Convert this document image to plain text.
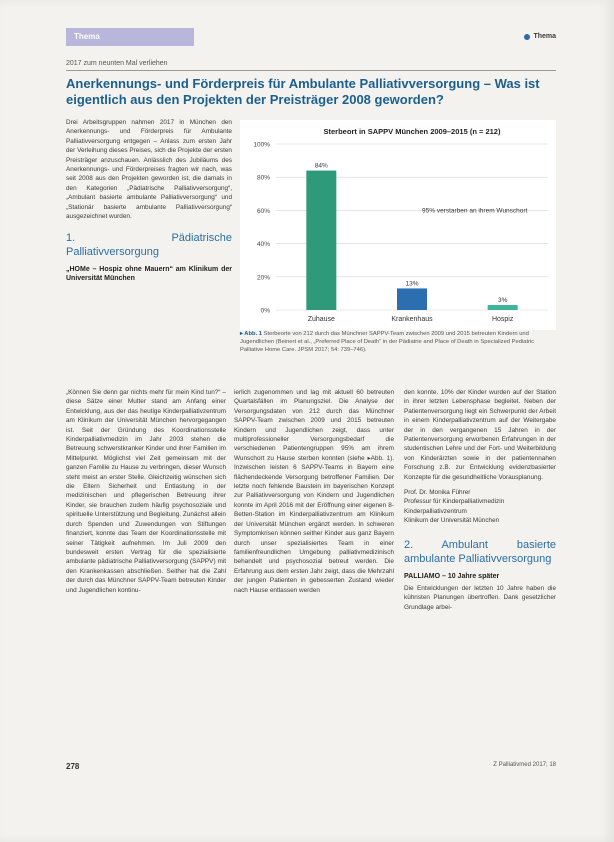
Thema	Thema
2017 zum neunten Mal verliehen
Anerkennungs- und Förderpreis für Ambulante Palliativversorgung – Was ist eigentlich aus den Projekten der Preisträger 2008 geworden?

Drei Arbeitsgruppen nahmen 2017 in München den Anerkennungs- und Förderpreis für Ambulante Palliativversorgung entgegen – Anlass zum ersten Jahr der Verleihung dieses Preises, sich die Projekte der ersten Preisträger anzuschauen. Anlässlich des Jubiläums des Anerkennungs- und Förderpreises fragten wir nach, was seit 2008 aus den Projekten geworden ist, die damals in den Kategorien „Pädiatrische Palliativversorgung“, „Ambulant basierte ambulante Palliativversorgung“ und „Stationär basierte ambulante Palliativversorgung“ ausgezeichnet wurden.

1. Pädiatrische Palliativversorgung
„HOMe – Hospiz ohne Mauern“ am Klinikum der Universität München
Sterbeort in SAPPV München 2009–2015 (n = 212)
0%
20%
40%
60%
80%
100%
84%
Zuhause
13%
Krankenhaus
3%
Hospiz
95% verstarben an ihrem Wunschort
▸ Abb. 1 Sterbeorte von 212 durch das Münchner SAPPV-Team zwischen 2009 und 2015 betreuten Kindern und Jugendlichen (Beinert et al., „Preferred Place of Death“ in der Pädiatrie and Place of Death in Specialized Pediatric Palliative Home Care. JPSM 2017; 54: 739–746).

„Können Sie denn gar nichts mehr für mein Kind tun?“ – diese Sätze einer Mutter stand am Anfang einer Entwicklung, aus der das heutige Kinderpalliativzentrum am Klinikum der Universität München hervorgegangen ist. Seit der Gründung des Koordinationsstelle Kinderpalliativmedizin im Jahr 2003 stehen die Betreuung schwerstkranker Kinder und ihrer Familien im Mittelpunkt. Möglichst viel Zeit gemeinsam mit der ganzen Familie zu Hause zu verbringen, dieser Wunsch steht meist an erster Stelle. Gleichzeitig wünschen sich die Eltern Sicherheit und Entlastung in der medizinischen und pflegerischen Betreuung ihrer Kinder, sie brauchen zudem häufig psychosoziale und spirituelle Unterstützung und Begleitung. Zunächst allein durch Spenden und Zuwendungen von Stiftungen finanziert, konnte das Team der Koordinationsstelle mit seiner Tätigkeit aufnehmen. Im Juli 2009 den bundesweit ersten Vertrag für die spezialisierte ambulante pädiatrische Palliativversorgung (SAPPV) mit den Krankenkassen abschließen. Seither hat die Zahl der durch das Münchner SAPPV-Team betreuten Kinder und Jugendlichen kontinu-

ierlich zugenommen und lag mit aktuell 60 betreuten Quartalsfällen im Planungsziel. Die Analyse der Versorgungsdaten von 212 durch das Münchner SAPPV-Team zwischen 2009 und 2015 betreuten Kindern und Jugendlichen zeigt, dass unter multiprofessioneller Versorgungsbedarf die verschiedenen Patientengruppen 95% am ihrem Wunschort zu Hause sterben konnten (siehe ▸Abb. 1). Inzwischen leisten 6 SAPPV-Teams in Bayern eine flächendeckende Versorgung betroffener Familien. Der letzte noch fehlende Baustein im bayerischen Konzept zur Palliativversorgung von Kindern und Jugendlichen konnte im April 2016 mit der Eröffnung einer eigenen 8-Betten-Station im Kinderpalliativzentrum am Klinikum der Universität München ergänzt werden. In schweren Symptomkrisen können seither Kinder aus ganz Bayern durch unser spezialisiertes Team in einer familienfreundlichen Umgebung palliativmedizinisch behandelt und psychosozial betreut werden. Die Erfahrung aus dem ersten Jahr zeigt, dass die Mehrzahl der jungen Patienten in gebesserten Zustand wieder nach Hause entlassen werden

den konnte. 10% der Kinder wurden auf der Station in ihrer letzten Lebensphase begleitet. Neben der Patientenversorgung liegt ein Schwerpunkt der Arbeit in einem Kinderpalliativzentrum auf der Weitergabe der in den vergangenen 15 Jahren in der Patientenversorgung erworbenen Erfahrungen in der studentischen Lehre und der Fort- und Weiterbildung von Kinderärzten sowie in der patientennahen Forschung z.B. zur Entwicklung evidenzbasierter Konzepte für die gesundheitliche Vorausplanung.

Prof. Dr. Monika Führer
Professur für Kinderpalliativmedizin
Kinderpalliativzentrum
Klinikum der Universität München
2. Ambulant basierte ambulante Palliativversorgung
PALLIAMO – 10 Jahre später

Die Entwicklungen der letzten 10 Jahre haben die kühnsten Planungen übertroffen. Dank gesetzlicher Grundlage arbei-

278	Z Palliativmed 2017; 18
